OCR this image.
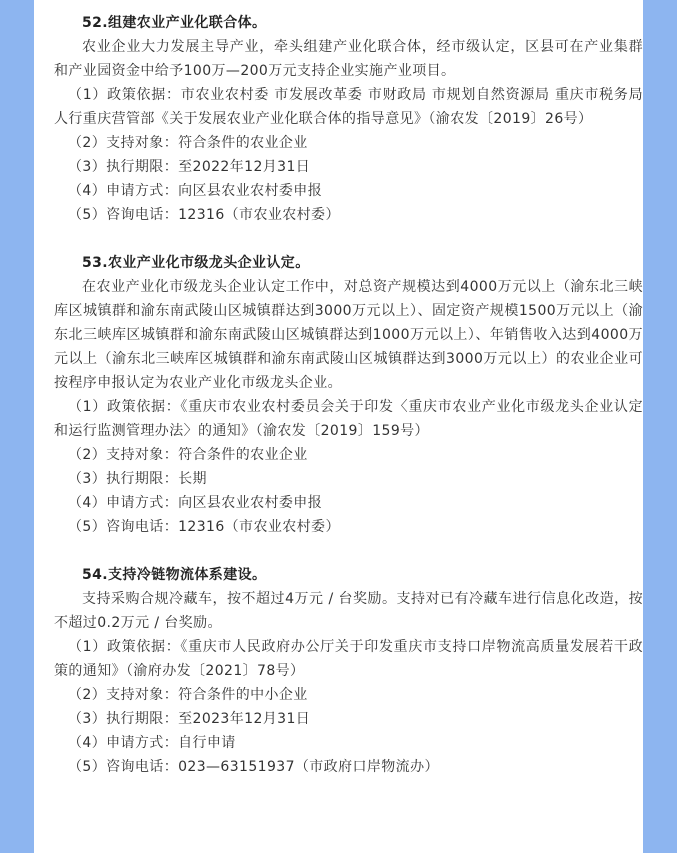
52.组建农业产业化联合体。

农业企业大力发展主导产业，牵头组建产业化联合体，经市级认定，区县可在产业集群和产业园资金中给予100万—200万元支持企业实施产业项目。

（1）政策依据：市农业农村委 市发展改革委 市财政局 市规划自然资源局 重庆市税务局 人行重庆营管部《关于发展农业产业化联合体的指导意见》（渝农发〔2019〕26号）

（2）支持对象：符合条件的农业企业

（3）执行期限：至2022年12月31日

（4）申请方式：向区县农业农村委申报

（5）咨询电话：12316（市农业农村委）

53.农业产业化市级龙头企业认定。

在农业产业化市级龙头企业认定工作中，对总资产规模达到4000万元以上（渝东北三峡库区城镇群和渝东南武陵山区城镇群达到3000万元以上）、固定资产规模1500万元以上（渝东北三峡库区城镇群和渝东南武陵山区城镇群达到1000万元以上）、年销售收入达到4000万元以上（渝东北三峡库区城镇群和渝东南武陵山区城镇群达到3000万元以上）的农业企业可按程序申报认定为农业产业化市级龙头企业。

（1）政策依据：《重庆市农业农村委员会关于印发〈重庆市农业产业化市级龙头企业认定和运行监测管理办法〉的通知》（渝农发〔2019〕159号）

（2）支持对象：符合条件的农业企业

（3）执行期限：长期

（4）申请方式：向区县农业农村委申报

（5）咨询电话：12316（市农业农村委）

54.支持冷链物流体系建设。

支持采购合规冷藏车，按不超过4万元 / 台奖励。支持对已有冷藏车进行信息化改造，按不超过0.2万元 / 台奖励。

（1）政策依据：《重庆市人民政府办公厅关于印发重庆市支持口岸物流高质量发展若干政策的通知》（渝府办发〔2021〕78号）

（2）支持对象：符合条件的中小企业

（3）执行期限：至2023年12月31日

（4）申请方式：自行申请

（5）咨询电话：023—63151937（市政府口岸物流办）
